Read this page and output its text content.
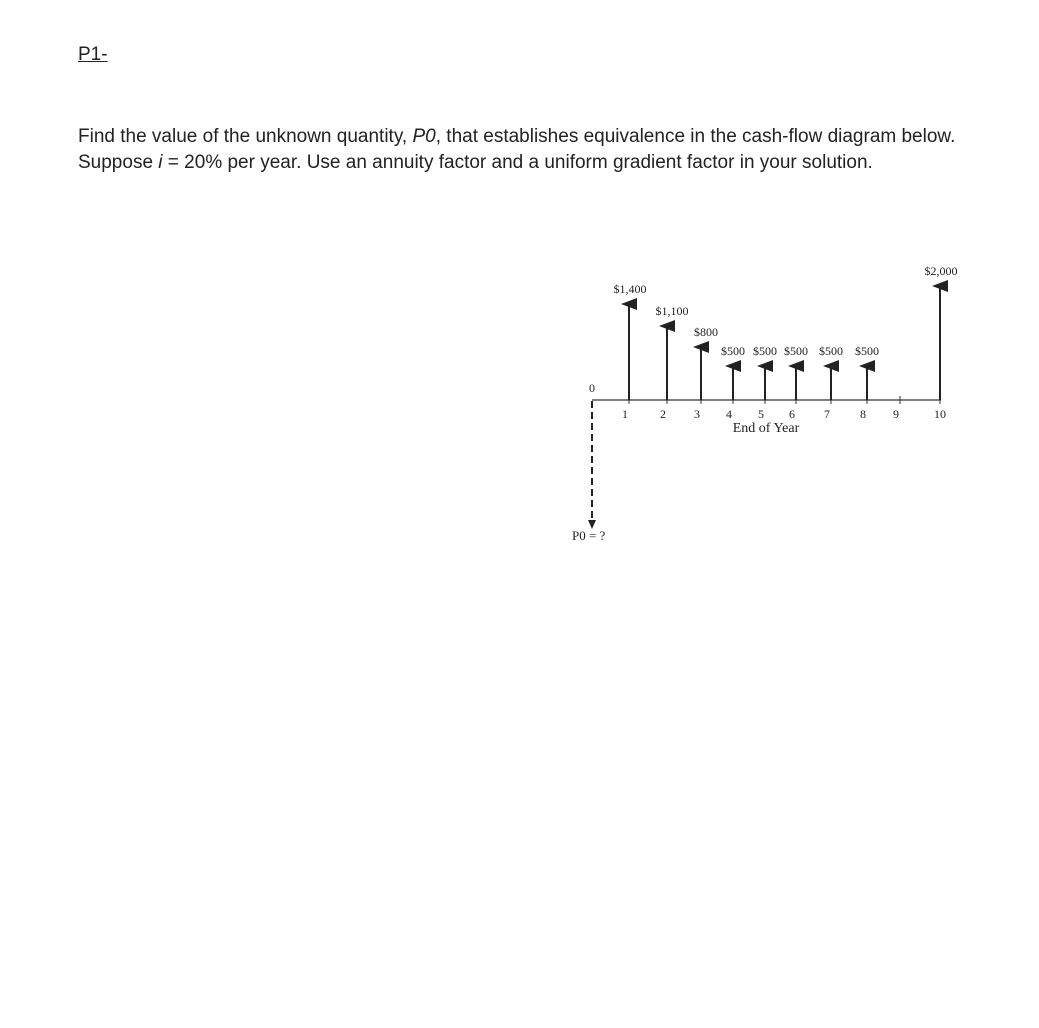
P1-
Find the value of the unknown quantity, P0, that establishes equivalence in the cash-flow diagram below. Suppose i = 20% per year. Use an annuity factor and a uniform gradient factor in your solution.
0
P0 = ?
End of Year
1	2 3 4 5 6 7	8 9	10
$1,400
$1,100
$800
$500 $500 $500 $500 $500
$2,000
